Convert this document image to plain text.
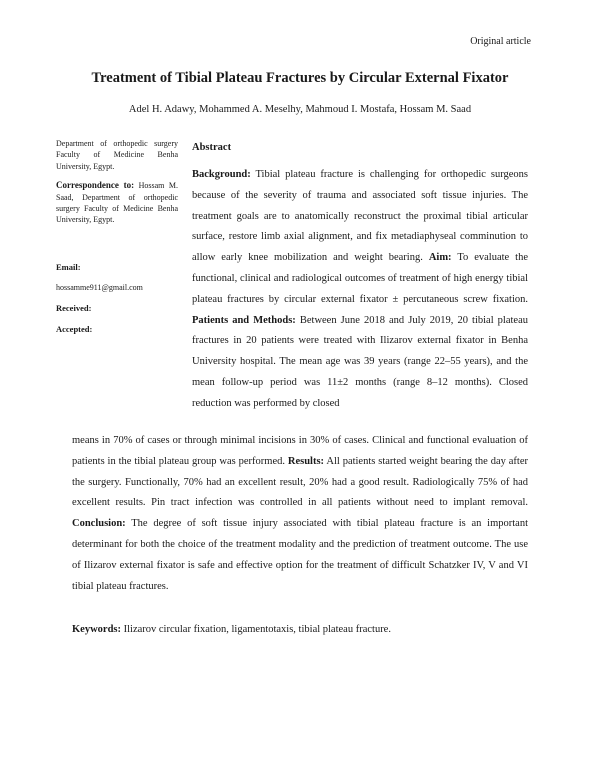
Original article
Treatment of Tibial Plateau Fractures by Circular External Fixator
Adel H. Adawy, Mohammed A. Meselhy, Mahmoud I. Mostafa, Hossam M. Saad

Department of orthopedic surgery Faculty of Medicine Benha University, Egypt.

Correspondence to: Hossam M. Saad, Department of orthopedic surgery Faculty of Medicine Benha University, Egypt.

Email:

hossamme911@gmail.com

Received:

Accepted:

Abstract

Background: Tibial plateau fracture is challenging for orthopedic surgeons because of the severity of trauma and associated soft tissue injuries. The treatment goals are to anatomically reconstruct the proximal tibial articular surface, restore limb axial alignment, and fix metadiaphyseal comminution to allow early knee mobilization and weight bearing. Aim: To evaluate the functional, clinical and radiological outcomes of treatment of high energy tibial plateau fractures by circular external fixator ± percutaneous screw fixation. Patients and Methods: Between June 2018 and July 2019, 20 tibial plateau fractures in 20 patients were treated with Ilizarov external fixator in Benha University hospital. The mean age was 39 years (range 22–55 years), and the mean follow-up period was 11±2 months (range 8–12 months). Closed reduction was performed by closed

means in 70% of cases or through minimal incisions in 30% of cases. Clinical and functional evaluation of patients in the tibial plateau group was performed. Results: All patients started weight bearing the day after the surgery. Functionally, 70% had an excellent result, 20% had a good result. Radiologically 75% of had excellent results. Pin tract infection was controlled in all patients without need to implant removal. Conclusion: The degree of soft tissue injury associated with tibial plateau fracture is an important determinant for both the choice of the treatment modality and the prediction of treatment outcome. The use of Ilizarov external fixator is safe and effective option for the treatment of difficult Schatzker IV, V and VI tibial plateau fractures.

Keywords: Ilizarov circular fixation, ligamentotaxis, tibial plateau fracture.
